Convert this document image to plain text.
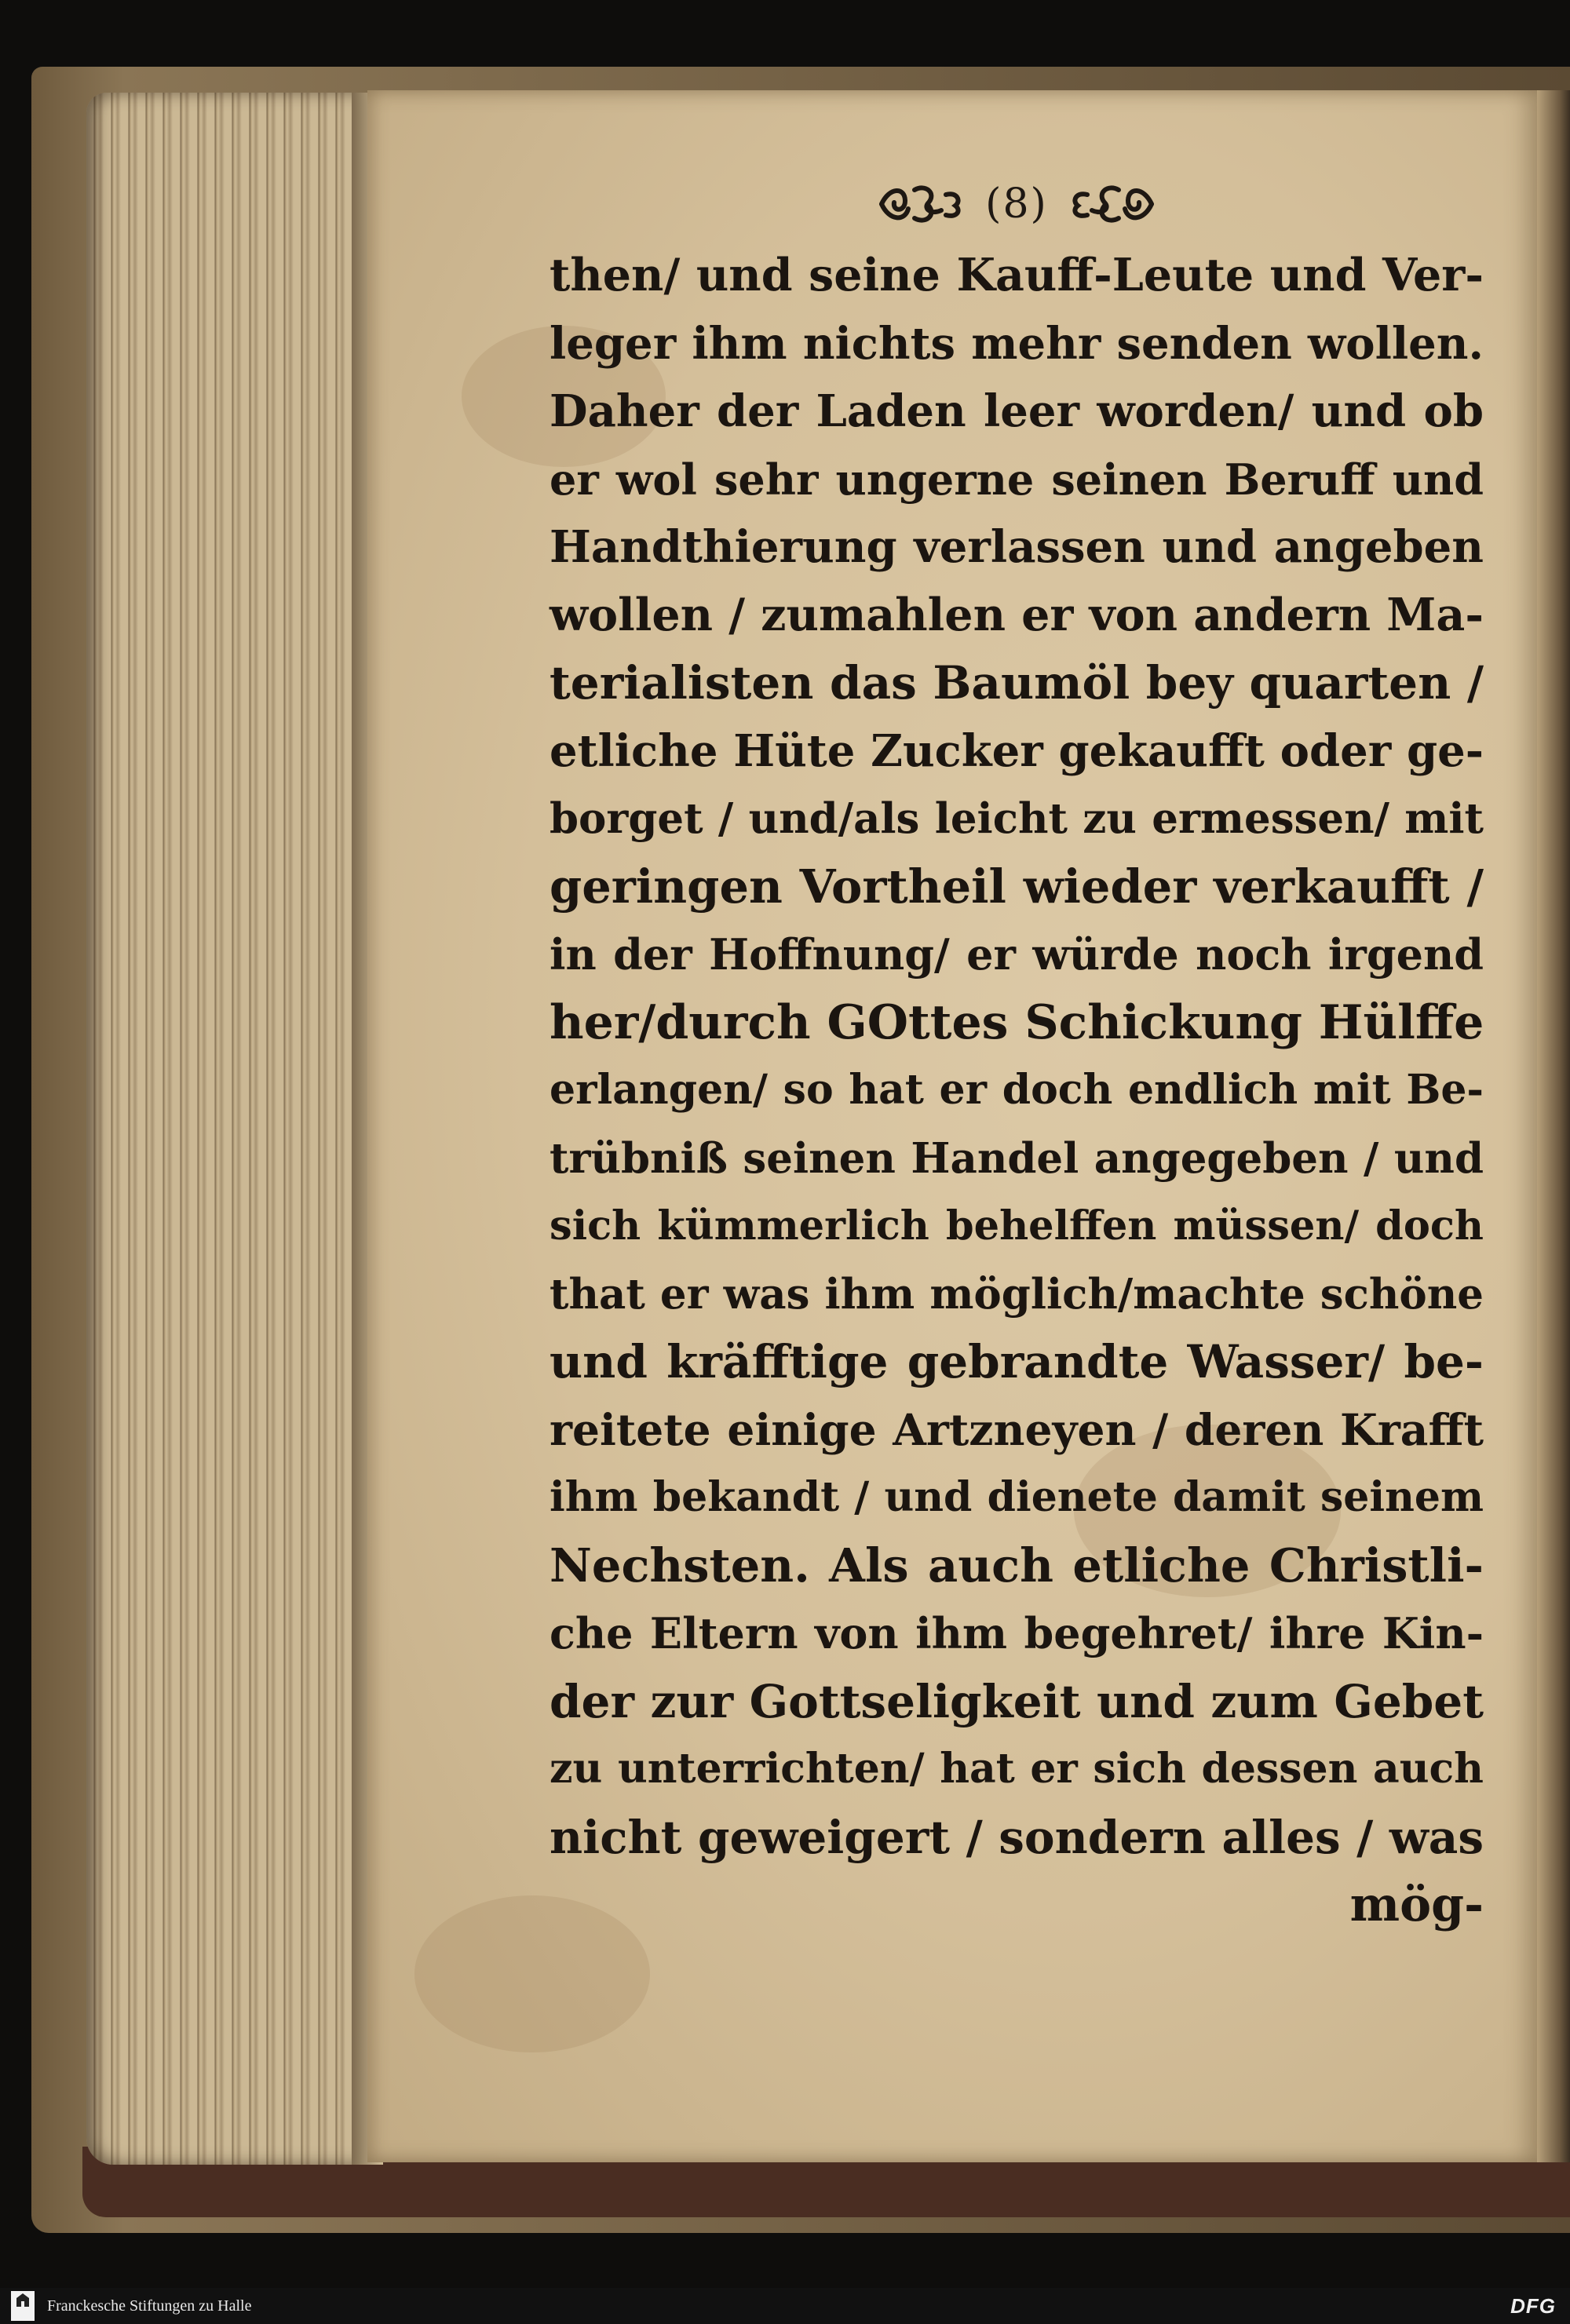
(8)
then/ und seine Kauff-Leute und Ver-
leger ihm nichts mehr senden wollen.
Daher der Laden leer worden/ und ob
er wol sehr ungerne seinen Beruff und
Handthierung verlassen und angeben
wollen / zumahlen er von andern Ma-
terialisten das Baumöl bey quarten /
etliche Hüte Zucker gekaufft oder ge-
borget / und/als leicht zu ermessen/ mit
geringen Vortheil wieder verkaufft /
in der Hoffnung/ er würde noch irgend
her/durch GOttes Schickung Hülffe
erlangen/ so hat er doch endlich mit Be-
trübniß seinen Handel angegeben / und
sich kümmerlich behelffen müssen/ doch
that er was ihm möglich/machte schöne
und kräfftige gebrandte Wasser/ be-
reitete einige Artzneyen / deren Krafft
ihm bekandt / und dienete damit seinem
Nechsten. Als auch etliche Christli-
che Eltern von ihm begehret/ ihre Kin-
der zur Gottseligkeit und zum Gebet
zu unterrichten/ hat er sich dessen auch
nicht geweigert / sondern alles / was
mög-
Franckesche Stiftungen zu Halle	DFG
